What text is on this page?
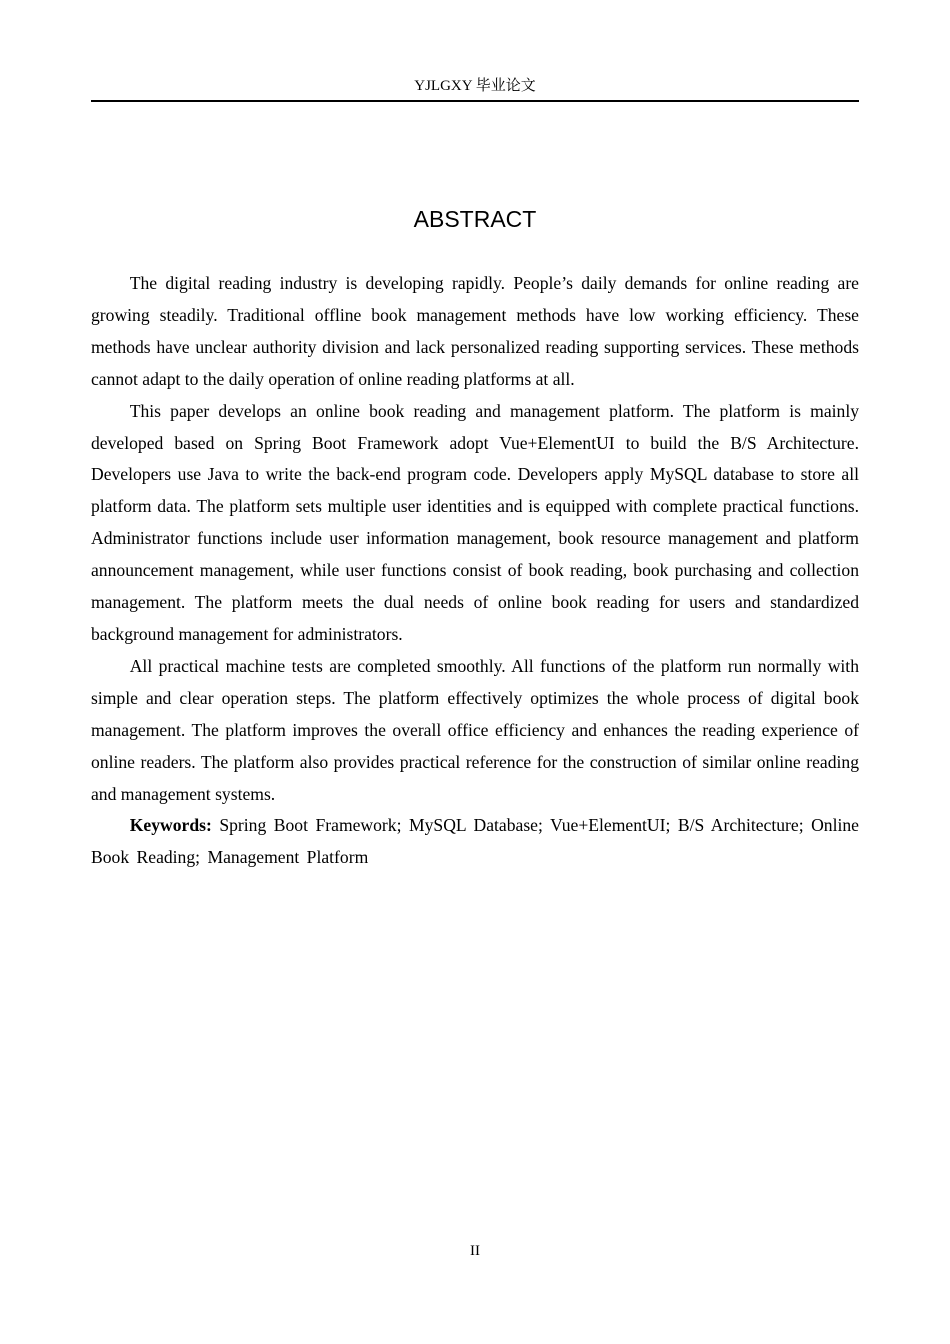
YJLGXY 毕业论文
ABSTRACT

The digital reading industry is developing rapidly. People’s daily demands for online reading are growing steadily. Traditional offline book management methods have low working efficiency. These methods have unclear authority division and lack personalized reading supporting services. These methods cannot adapt to the daily operation of online reading platforms at all.

This paper develops an online book reading and management platform. The platform is mainly developed based on Spring Boot Framework adopt Vue+ElementUI to build the B/S Architecture. Developers use Java to write the back-end program code. Developers apply MySQL database to store all platform data. The platform sets multiple user identities and is equipped with complete practical functions. Administrator functions include user information management, book resource management and platform announcement management, while user functions consist of book reading, book purchasing and collection management. The platform meets the dual needs of online book reading for users and standardized background management for administrators.

All practical machine tests are completed smoothly. All functions of the platform run normally with simple and clear operation steps. The platform effectively optimizes the whole process of digital book management. The platform improves the overall office efficiency and enhances the reading experience of online readers. The platform also provides practical reference for the construction of similar online reading and management systems.

Keywords: Spring Boot Framework; MySQL Database; Vue+ElementUI; B/S Architecture; Online Book Reading; Management Platform

II
